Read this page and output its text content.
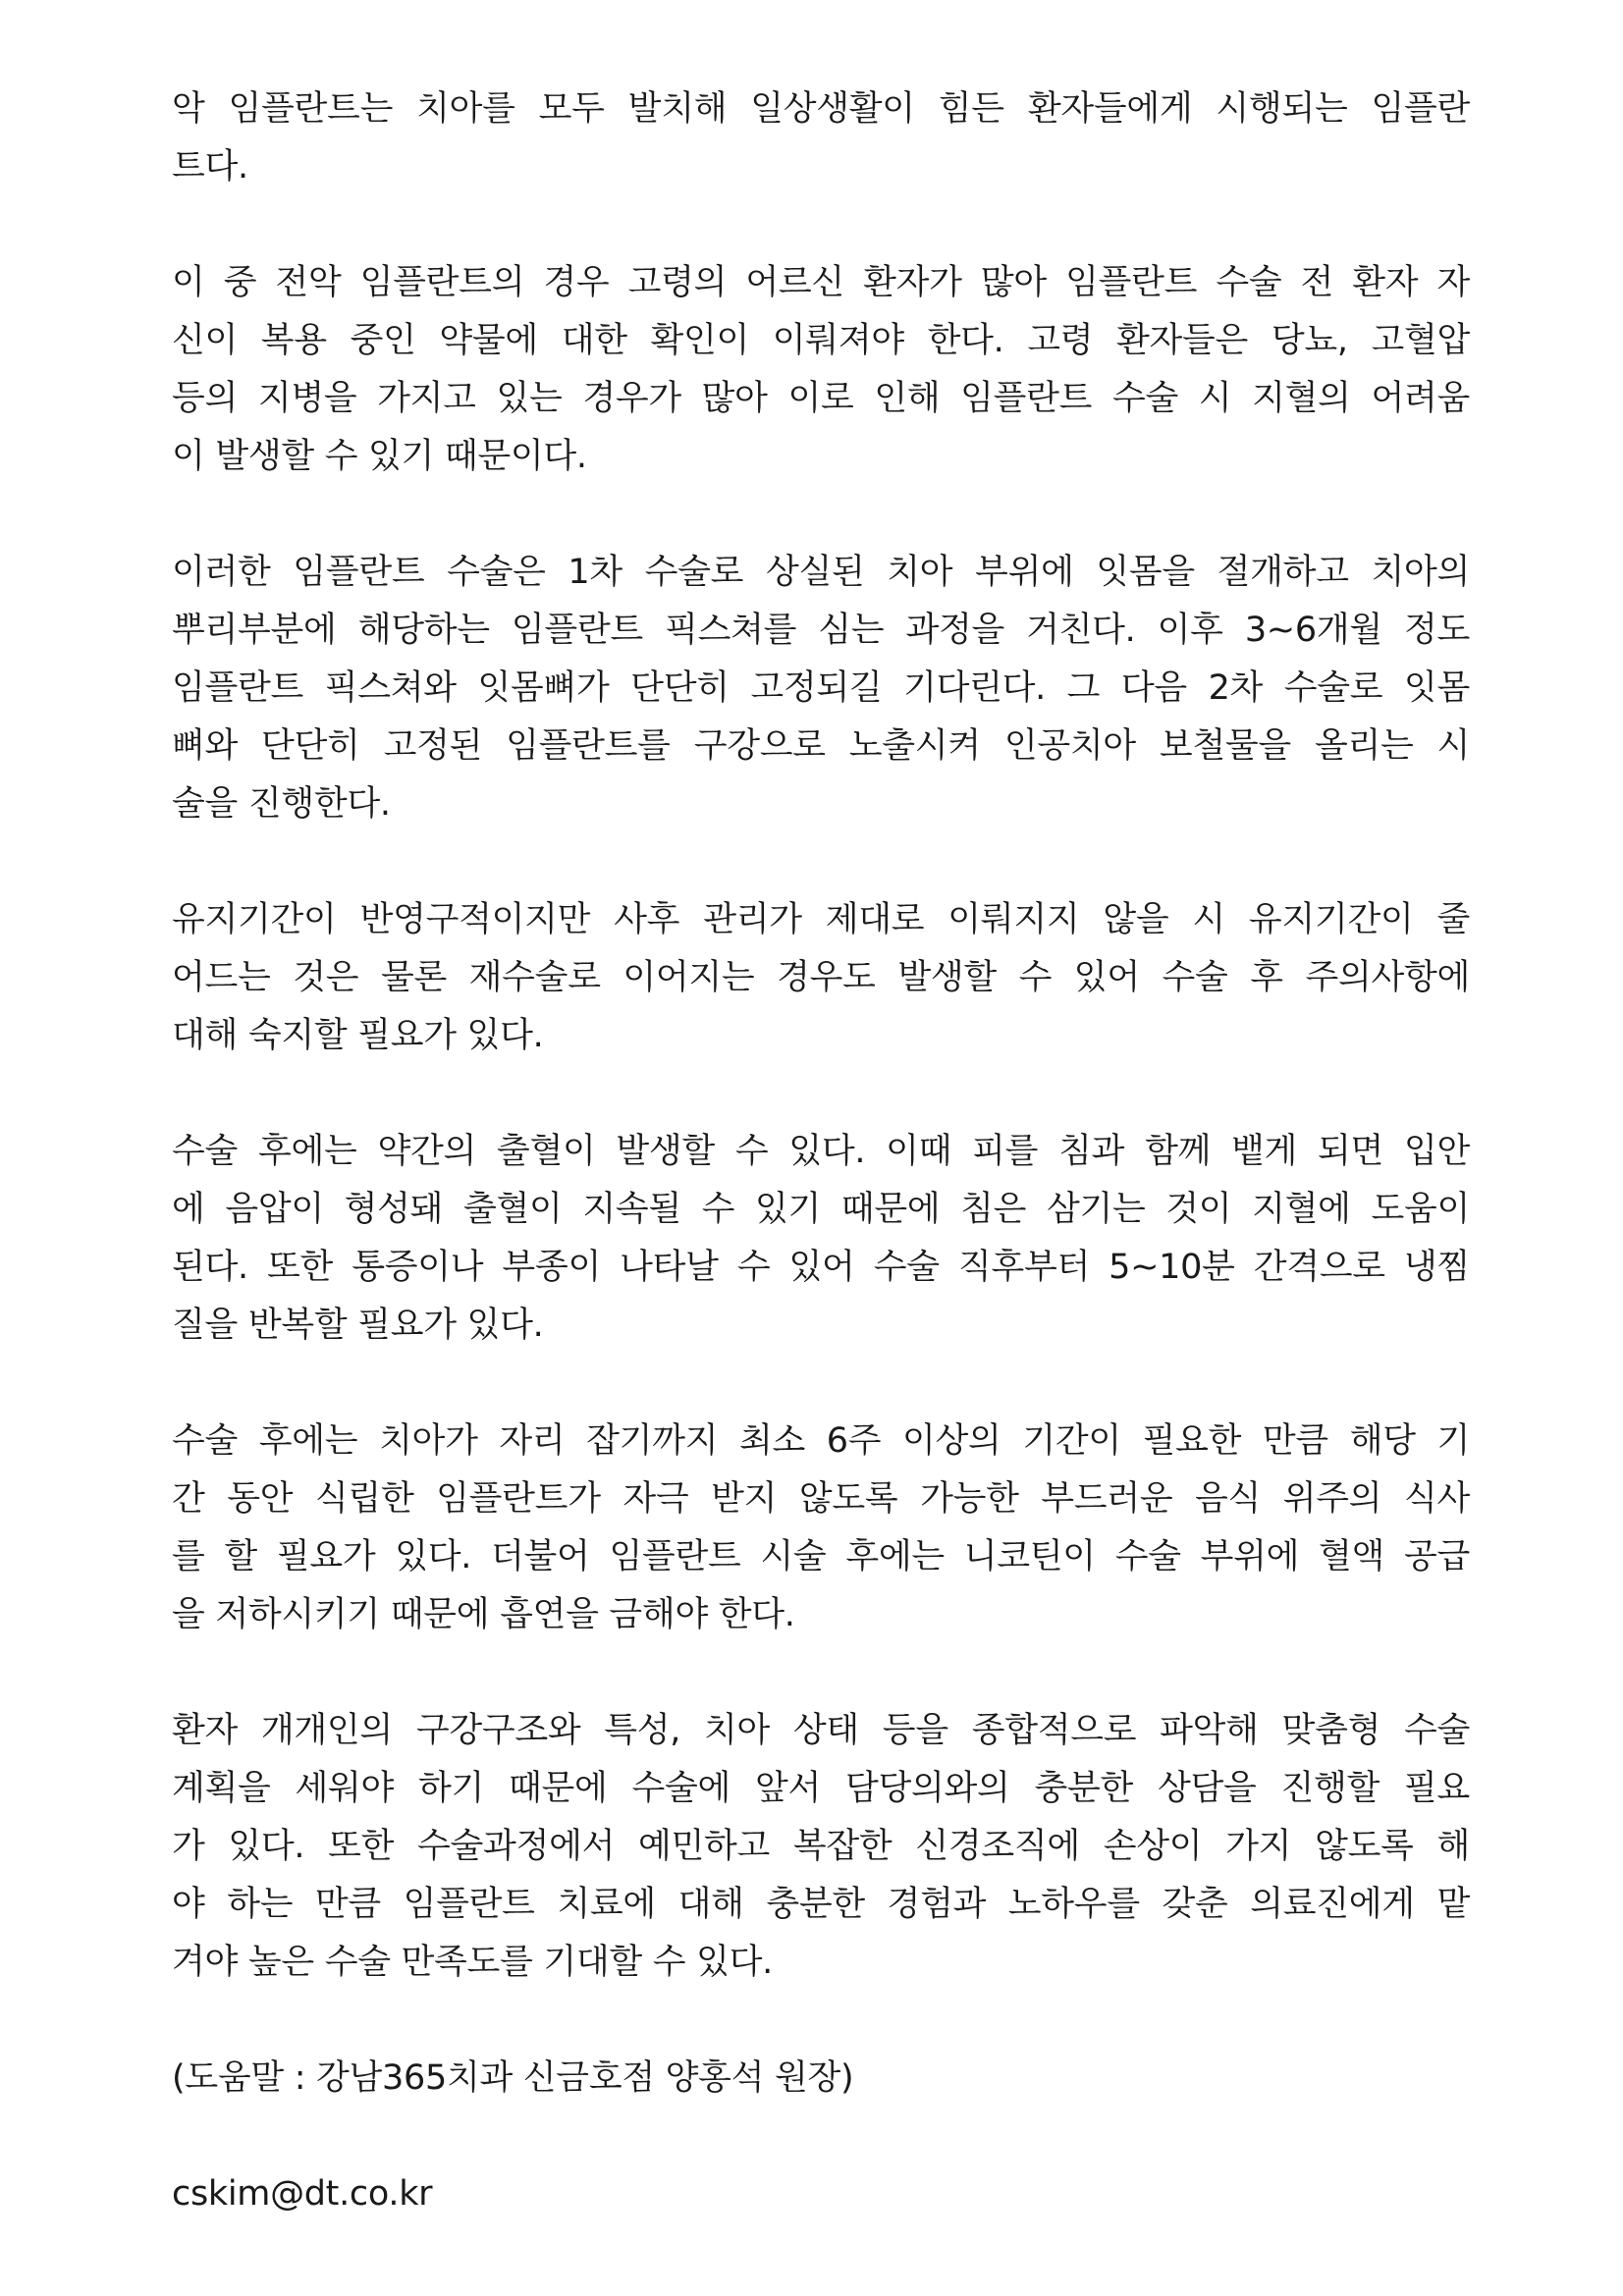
악 임플란트는 치아를 모두 발치해 일상생활이 힘든 환자들에게 시행되는 임플란
트다.

이 중 전악 임플란트의 경우 고령의 어르신 환자가 많아 임플란트 수술 전 환자 자
신이 복용 중인 약물에 대한 확인이 이뤄져야 한다. 고령 환자들은 당뇨, 고혈압
등의 지병을 가지고 있는 경우가 많아 이로 인해 임플란트 수술 시 지혈의 어려움
이 발생할 수 있기 때문이다.

이러한 임플란트 수술은 1차 수술로 상실된 치아 부위에 잇몸을 절개하고 치아의
뿌리부분에 해당하는 임플란트 픽스쳐를 심는 과정을 거친다. 이후 3~6개월 정도
임플란트 픽스쳐와 잇몸뼈가 단단히 고정되길 기다린다. 그 다음 2차 수술로 잇몸
뼈와 단단히 고정된 임플란트를 구강으로 노출시켜 인공치아 보철물을 올리는 시
술을 진행한다.

유지기간이 반영구적이지만 사후 관리가 제대로 이뤄지지 않을 시 유지기간이 줄
어드는 것은 물론 재수술로 이어지는 경우도 발생할 수 있어 수술 후 주의사항에
대해 숙지할 필요가 있다.

수술 후에는 약간의 출혈이 발생할 수 있다. 이때 피를 침과 함께 뱉게 되면 입안
에 음압이 형성돼 출혈이 지속될 수 있기 때문에 침은 삼기는 것이 지혈에 도움이
된다. 또한 통증이나 부종이 나타날 수 있어 수술 직후부터 5~10분 간격으로 냉찜
질을 반복할 필요가 있다.

수술 후에는 치아가 자리 잡기까지 최소 6주 이상의 기간이 필요한 만큼 해당 기
간 동안 식립한 임플란트가 자극 받지 않도록 가능한 부드러운 음식 위주의 식사
를 할 필요가 있다. 더불어 임플란트 시술 후에는 니코틴이 수술 부위에 혈액 공급
을 저하시키기 때문에 흡연을 금해야 한다.

환자 개개인의 구강구조와 특성, 치아 상태 등을 종합적으로 파악해 맞춤형 수술
계획을 세워야 하기 때문에 수술에 앞서 담당의와의 충분한 상담을 진행할 필요
가 있다. 또한 수술과정에서 예민하고 복잡한 신경조직에 손상이 가지 않도록 해
야 하는 만큼 임플란트 치료에 대해 충분한 경험과 노하우를 갖춘 의료진에게 맡
겨야 높은 수술 만족도를 기대할 수 있다.

(도움말 : 강남365치과 신금호점 양홍석 원장)

cskim@dt.co.kr
